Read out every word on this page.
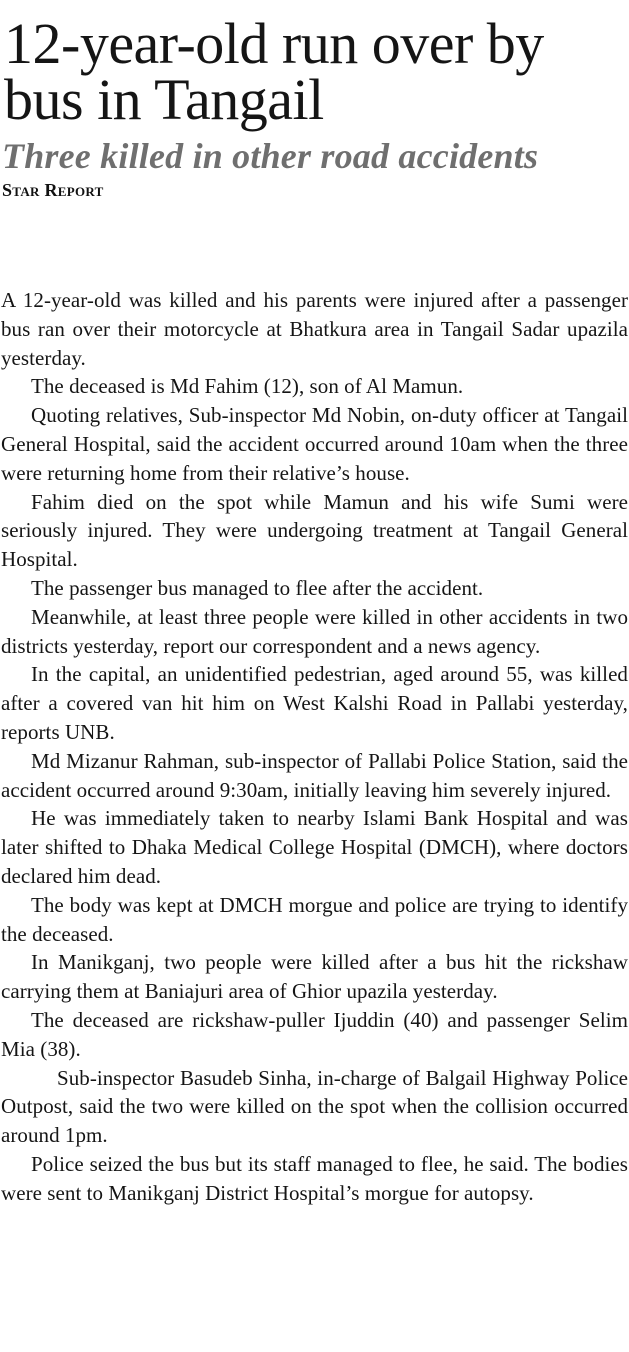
12-year-old run over by bus in Tangail
Three killed in other road accidents
Star Report

A 12-year-old was killed and his parents were injured after a passenger bus ran over their motorcycle at Bhatkura area in Tangail Sadar upazila yesterday.

The deceased is Md Fahim (12), son of Al Mamun.

Quoting relatives, Sub-inspector Md Nobin, on-duty officer at Tangail General Hospital, said the accident occurred around 10am when the three were returning home from their relative’s house.

Fahim died on the spot while Mamun and his wife Sumi were seriously injured. They were undergoing treatment at Tangail General Hospital.

The passenger bus managed to flee after the accident.

Meanwhile, at least three people were killed in other accidents in two districts yesterday, report our correspondent and a news agency.

In the capital, an unidentified pedestrian, aged around 55, was killed after a covered van hit him on West Kalshi Road in Pallabi yesterday, reports UNB.

Md Mizanur Rahman, sub-inspector of Pallabi Police Station, said the accident occurred around 9:30am, initially leaving him severely injured.

He was immediately taken to nearby Islami Bank Hospital and was later shifted to Dhaka Medical College Hospital (DMCH), where doctors declared him dead.

The body was kept at DMCH morgue and police are trying to identify the deceased.

In Manikganj, two people were killed after a bus hit the rickshaw carrying them at Baniajuri area of Ghior upazila yesterday.

The deceased are rickshaw-puller Ijuddin (40) and passenger Selim Mia (38).

Sub-inspector Basudeb Sinha, in-charge of Balgail Highway Police Outpost, said the two were killed on the spot when the collision occurred around 1pm.

Police seized the bus but its staff managed to flee, he said. The bodies were sent to Manikganj District Hospital’s morgue for autopsy.
